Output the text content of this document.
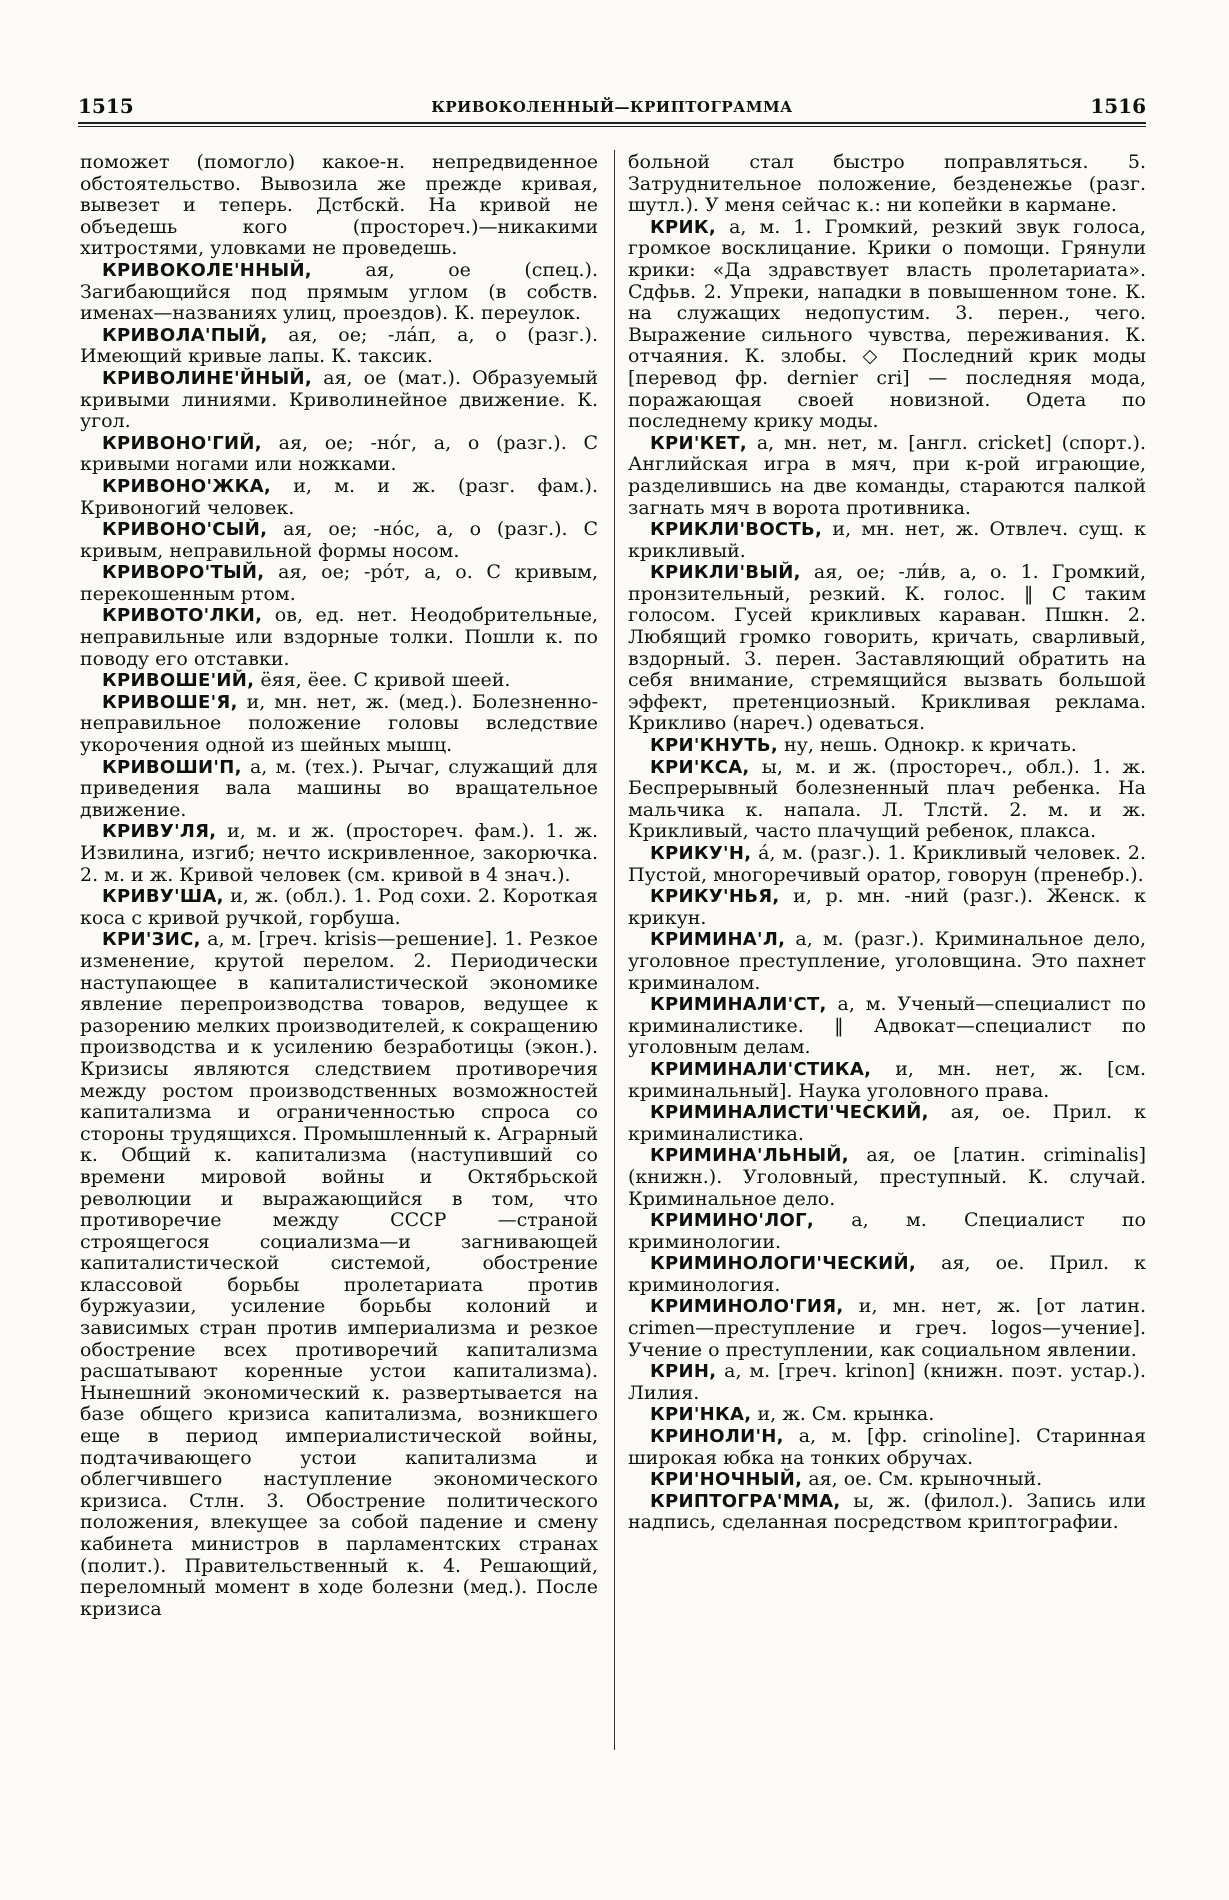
1515	КРИВОКОЛЕННЫЙ—КРИПТОГРАММА	1516

поможет (помогло) какое-н. непредвиденное обстоятельство. Вывозила же прежде кривая, вывезет и теперь. Дстбскй. На кривой не объедешь кого (простореч.)—никакими хитростями, уловками не проведешь.

КРИВОКОЛЕ'ННЫЙ, ая, ое (спец.). Загибающийся под прямым углом (в собств. именах—названиях улиц, проездов). К. переулок.

КРИВОЛА'ПЫЙ, ая, ое; -ла́п, а, о (разг.). Имеющий кривые лапы. К. таксик.

КРИВОЛИНЕ'ЙНЫЙ, ая, ое (мат.). Образуемый кривыми линиями. Криволинейное движение. К. угол.

КРИВОНО'ГИЙ, ая, ое; -но́г, а, о (разг.). С кривыми ногами или ножками.

КРИВОНО'ЖКА, и, м. и ж. (разг. фам.). Кривоногий человек.

КРИВОНО'СЫЙ, ая, ое; -но́с, а, о (разг.). С кривым, неправильной формы носом.

КРИВОРО'ТЫЙ, ая, ое; -ро́т, а, о. С кривым, перекошенным ртом.

КРИВОТО'ЛКИ, ов, ед. нет. Неодобрительные, неправильные или вздорные толки. Пошли к. по поводу его отставки.

КРИВОШЕ'ИЙ, ёяя, ёее. С кривой шеей.

КРИВОШЕ'Я, и, мн. нет, ж. (мед.). Болезненно-неправильное положение головы вследствие укорочения одной из шейных мышц.

КРИВОШИ'П, а, м. (тех.). Рычаг, служащий для приведения вала машины во вращательное движение.

КРИВУ'ЛЯ, и, м. и ж. (простореч. фам.). 1. ж. Извилина, изгиб; нечто искривленное, закорючка. 2. м. и ж. Кривой человек (см. кривой в 4 знач.).

КРИВУ'ША, и, ж. (обл.). 1. Род сохи. 2. Короткая коса с кривой ручкой, горбуша.

КРИ'ЗИС, а, м. [греч. krisis—решение]. 1. Резкое изменение, крутой перелом. 2. Периодически наступающее в капиталистической экономике явление перепроизводства товаров, ведущее к разорению мелких производителей, к сокращению производства и к усилению безработицы (экон.). Кризисы являются следствием противоречия между ростом производственных возможностей капитализма и ограниченностью спроса со стороны трудящихся. Промышленный к. Аграрный к. Общий к. капитализма (наступивший со времени мировой войны и Октябрьской революции и выражающийся в том, что противоречие между СССР —страной строящегося социализма—и загнивающей капиталистической системой, обострение классовой борьбы пролетариата против буржуазии, усиление борьбы колоний и зависимых стран против империализма и резкое обострение всех противоречий капитализма расшатывают коренные устои капитализма). Нынешний экономический к. развертывается на базе общего кризиса капитализма, возникшего еще в период империалистической войны, подтачивающего устои капитализма и облегчившего наступление экономического кризиса. Стлн. 3. Обострение политического положения, влекущее за собой падение и смену кабинета министров в парламентских странах (полит.). Правительственный к. 4. Решающий, переломный момент в ходе болезни (мед.). После кризиса

больной стал быстро поправляться. 5. Затруднительное положение, безденежье (разг. шутл.). У меня сейчас к.: ни копейки в кармане.

КРИК, а, м. 1. Громкий, резкий звук голоса, громкое восклицание. Крики о помощи. Грянули крики: «Да здравствует власть пролетариата». Сдфьв. 2. Упреки, нападки в повышенном тоне. К. на служащих недопустим. 3. перен., чего. Выражение сильного чувства, переживания. К. отчаяния. К. злобы. ◇ Последний крик моды [перевод фр. dernier cri] — последняя мода, поражающая своей новизной. Одета по последнему крику моды.

КРИ'КЕТ, а, мн. нет, м. [англ. cricket] (спорт.). Английская игра в мяч, при к-рой играющие, разделившись на две команды, стараются палкой загнать мяч в ворота противника.

КРИКЛИ'ВОСТЬ, и, мн. нет, ж. Отвлеч. сущ. к крикливый.

КРИКЛИ'ВЫЙ, ая, ое; -ли́в, а, о. 1. Громкий, пронзительный, резкий. К. голос. ‖ С таким голосом. Гусей крикливых караван. Пшкн. 2. Любящий громко говорить, кричать, сварливый, вздорный. 3. перен. Заставляющий обратить на себя внимание, стремящийся вызвать большой эффект, претенциозный. Крикливая реклама. Крикливо (нареч.) одеваться.

КРИ'КНУТЬ, ну, нешь. Однокр. к кричать.

КРИ'КСА, ы, м. и ж. (простореч., обл.). 1. ж. Беспрерывный болезненный плач ребенка. На мальчика к. напала. Л. Тлстй. 2. м. и ж. Крикливый, часто плачущий ребенок, плакса.

КРИКУ'Н, а́, м. (разг.). 1. Крикливый человек. 2. Пустой, многоречивый оратор, говорун (пренебр.).

КРИКУ'НЬЯ, и, р. мн. -ний (разг.). Женск. к крикун.

КРИМИНА'Л, а, м. (разг.). Криминальное дело, уголовное преступление, уголовщина. Это пахнет криминалом.

КРИМИНАЛИ'СТ, а, м. Ученый—специалист по криминалистике. ‖ Адвокат—специалист по уголовным делам.

КРИМИНАЛИ'СТИКА, и, мн. нет, ж. [см. криминальный]. Наука уголовного права.

КРИМИНАЛИСТИ'ЧЕСКИЙ, ая, ое. Прил. к криминалистика.

КРИМИНА'ЛЬНЫЙ, ая, ое [латин. criminalis] (книжн.). Уголовный, преступный. К. случай. Криминальное дело.

КРИМИНО'ЛОГ, а, м. Специалист по криминологии.

КРИМИНОЛОГИ'ЧЕСКИЙ, ая, ое. Прил. к криминология.

КРИМИНОЛО'ГИЯ, и, мн. нет, ж. [от латин. crimen—преступление и греч. logos—учение]. Учение о преступлении, как социальном явлении.

КРИН, а, м. [греч. krinon] (книжн. поэт. устар.). Лилия.

КРИ'НКА, и, ж. См. крынка.

КРИНОЛИ'Н, а, м. [фр. crinoline]. Старинная широкая юбка на тонких обручах.

КРИ'НОЧНЫЙ, ая, ое. См. крыночный.

КРИПТОГРА'ММА, ы, ж. (филол.). Запись или надпись, сделанная посредством криптографии.
